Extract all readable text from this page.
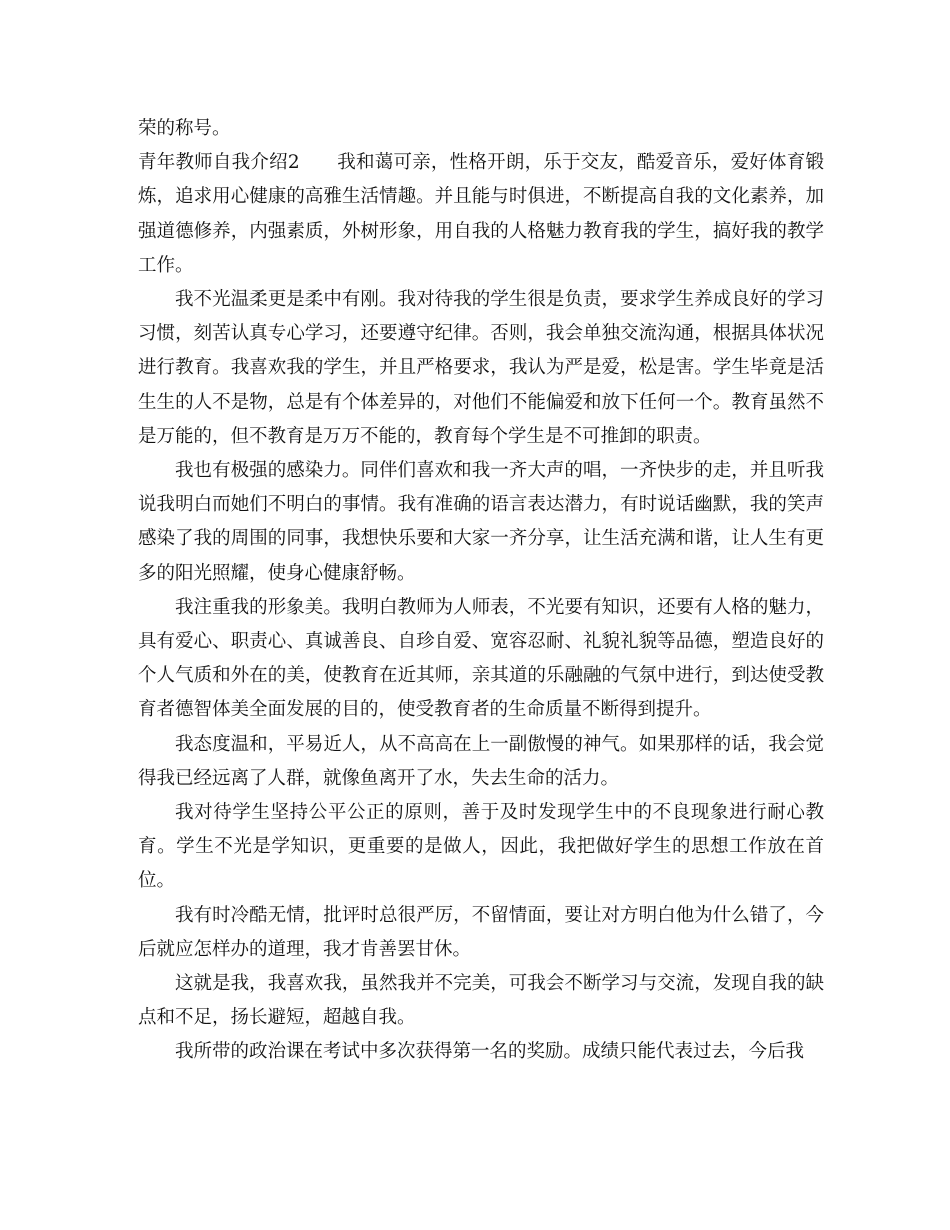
荣的称号。

青年教师自我介绍2　　我和蔼可亲，性格开朗，乐于交友，酷爱音乐，爱好体育锻炼，追求用心健康的高雅生活情趣。并且能与时俱进，不断提高自我的文化素养，加强道德修养，内强素质，外树形象，用自我的人格魅力教育我的学生，搞好我的教学工作。

我不光温柔更是柔中有刚。我对待我的学生很是负责，要求学生养成良好的学习习惯，刻苦认真专心学习，还要遵守纪律。否则，我会单独交流沟通，根据具体状况进行教育。我喜欢我的学生，并且严格要求，我认为严是爱，松是害。学生毕竟是活生生的人不是物，总是有个体差异的，对他们不能偏爱和放下任何一个。教育虽然不是万能的，但不教育是万万不能的，教育每个学生是不可推卸的职责。

我也有极强的感染力。同伴们喜欢和我一齐大声的唱，一齐快步的走，并且听我说我明白而她们不明白的事情。我有准确的语言表达潜力，有时说话幽默，我的笑声感染了我的周围的同事，我想快乐要和大家一齐分享，让生活充满和谐，让人生有更多的阳光照耀，使身心健康舒畅。

我注重我的形象美。我明白教师为人师表，不光要有知识，还要有人格的魅力，具有爱心、职责心、真诚善良、自珍自爱、宽容忍耐、礼貌礼貌等品德，塑造良好的个人气质和外在的美，使教育在近其师，亲其道的乐融融的气氛中进行，到达使受教育者德智体美全面发展的目的，使受教育者的生命质量不断得到提升。

我态度温和，平易近人，从不高高在上一副傲慢的神气。如果那样的话，我会觉得我已经远离了人群，就像鱼离开了水，失去生命的活力。

我对待学生坚持公平公正的原则，善于及时发现学生中的不良现象进行耐心教育。学生不光是学知识，更重要的是做人，因此，我把做好学生的思想工作放在首位。

我有时冷酷无情，批评时总很严厉，不留情面，要让对方明白他为什么错了，今后就应怎样办的道理，我才肯善罢甘休。

这就是我，我喜欢我，虽然我并不完美，可我会不断学习与交流，发现自我的缺点和不足，扬长避短，超越自我。

我所带的政治课在考试中多次获得第一名的奖励。成绩只能代表过去，今后我
